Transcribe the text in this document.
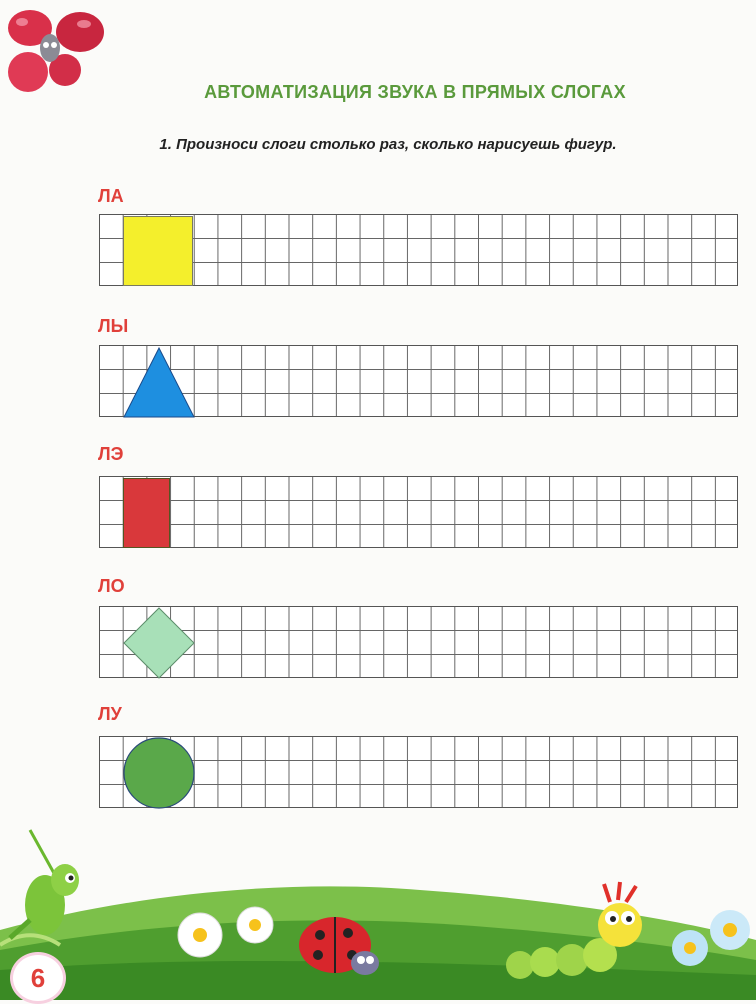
АВТОМАТИЗАЦИЯ ЗВУКА В ПРЯМЫХ СЛОГАХ
1. Произноси слоги столько раз, сколько нарисуешь фигур.
ЛА
ЛЫ
ЛЭ
ЛО
ЛУ
6
